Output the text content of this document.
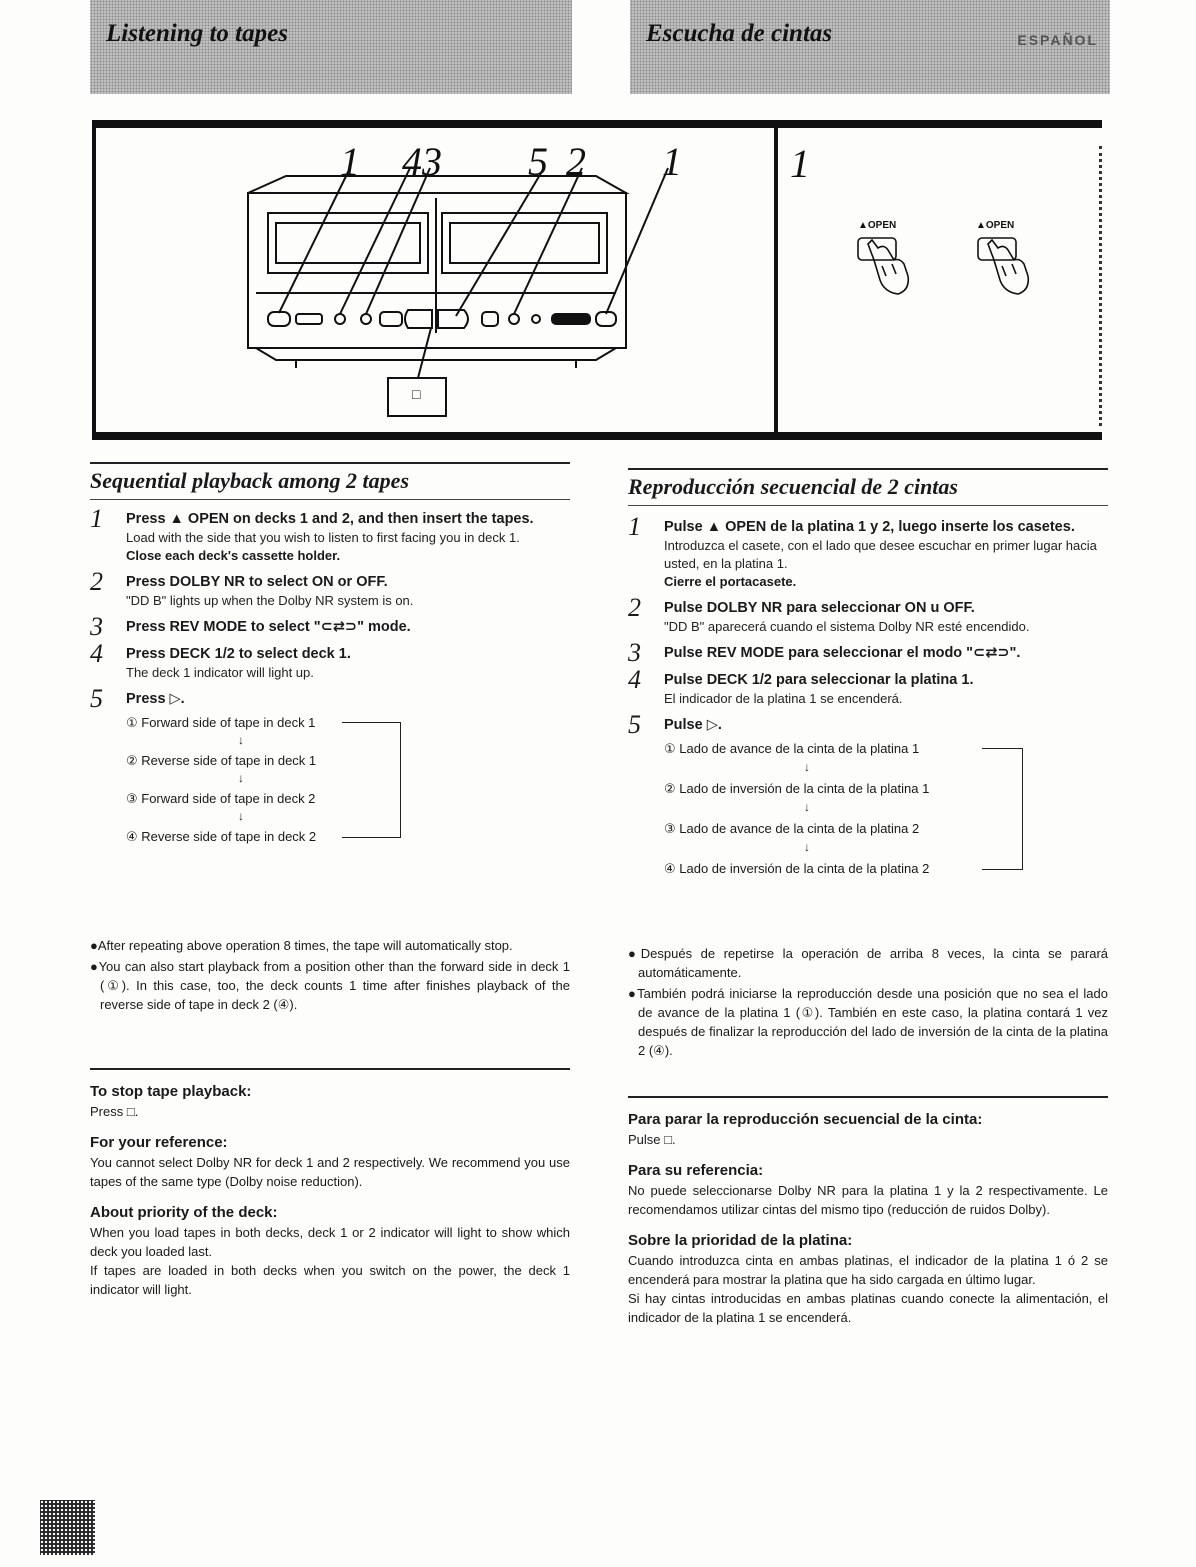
Listening to tapes	Escucha de cintas	ESPAÑOL
1 4 3 5 2 1
□
1
▲OPEN	▲OPEN
Sequential playback among 2 tapes
1 Press ▲ OPEN on decks 1 and 2, and then insert the tapes.
Load with the side that you wish to listen to first facing you in deck 1.
Close each deck's cassette holder.
2 Press DOLBY NR to select ON or OFF.
"DD B" lights up when the Dolby NR system is on.
3 Press REV MODE to select "⊂⇄⊃" mode.
4 Press DECK 1/2 to select deck 1.
The deck 1 indicator will light up.
5 Press ▷.
① Forward side of tape in deck 1
↓
② Reverse side of tape in deck 1
↓
③ Forward side of tape in deck 2
↓
④ Reverse side of tape in deck 2

●After repeating above operation 8 times, the tape will automatically stop.

●You can also start playback from a position other than the forward side in deck 1 (①). In this case, too, the deck counts 1 time after finishes playback of the reverse side of tape in deck 2 (④).

To stop tape playback:

Press □.

For your reference:

You cannot select Dolby NR for deck 1 and 2 respectively. We recommend you use tapes of the same type (Dolby noise reduction).

About priority of the deck:

When you load tapes in both decks, deck 1 or 2 indicator will light to show which deck you loaded last.

If tapes are loaded in both decks when you switch on the power, the deck 1 indicator will light.

Reproducción secuencial de 2 cintas
1 Pulse ▲ OPEN de la platina 1 y 2, luego inserte los casetes.
Introduzca el casete, con el lado que desee escuchar en primer lugar hacia usted, en la platina 1.
Cierre el portacasete.
2 Pulse DOLBY NR para seleccionar ON u OFF.
"DD B" aparecerá cuando el sistema Dolby NR esté encendido.
3 Pulse REV MODE para seleccionar el modo "⊂⇄⊃".
4 Pulse DECK 1/2 para seleccionar la platina 1.
El indicador de la platina 1 se encenderá.
5 Pulse ▷.
① Lado de avance de la cinta de la platina 1
↓
② Lado de inversión de la cinta de la platina 1
↓
③ Lado de avance de la cinta de la platina 2
↓
④ Lado de inversión de la cinta de la platina 2

●Después de repetirse la operación de arriba 8 veces, la cinta se parará automáticamente.

●También podrá iniciarse la reproducción desde una posición que no sea el lado de avance de la platina 1 (①). También en este caso, la platina contará 1 vez después de finalizar la reproducción del lado de inversión de la cinta de la platina 2 (④).

Para parar la reproducción secuencial de la cinta:

Pulse □.

Para su referencia:

No puede seleccionarse Dolby NR para la platina 1 y la 2 respectivamente. Le recomendamos utilizar cintas del mismo tipo (reducción de ruidos Dolby).

Sobre la prioridad de la platina:

Cuando introduzca cinta en ambas platinas, el indicador de la platina 1 ó 2 se encenderá para mostrar la platina que ha sido cargada en último lugar.

Si hay cintas introducidas en ambas platinas cuando conecte la alimentación, el indicador de la platina 1 se encenderá.
